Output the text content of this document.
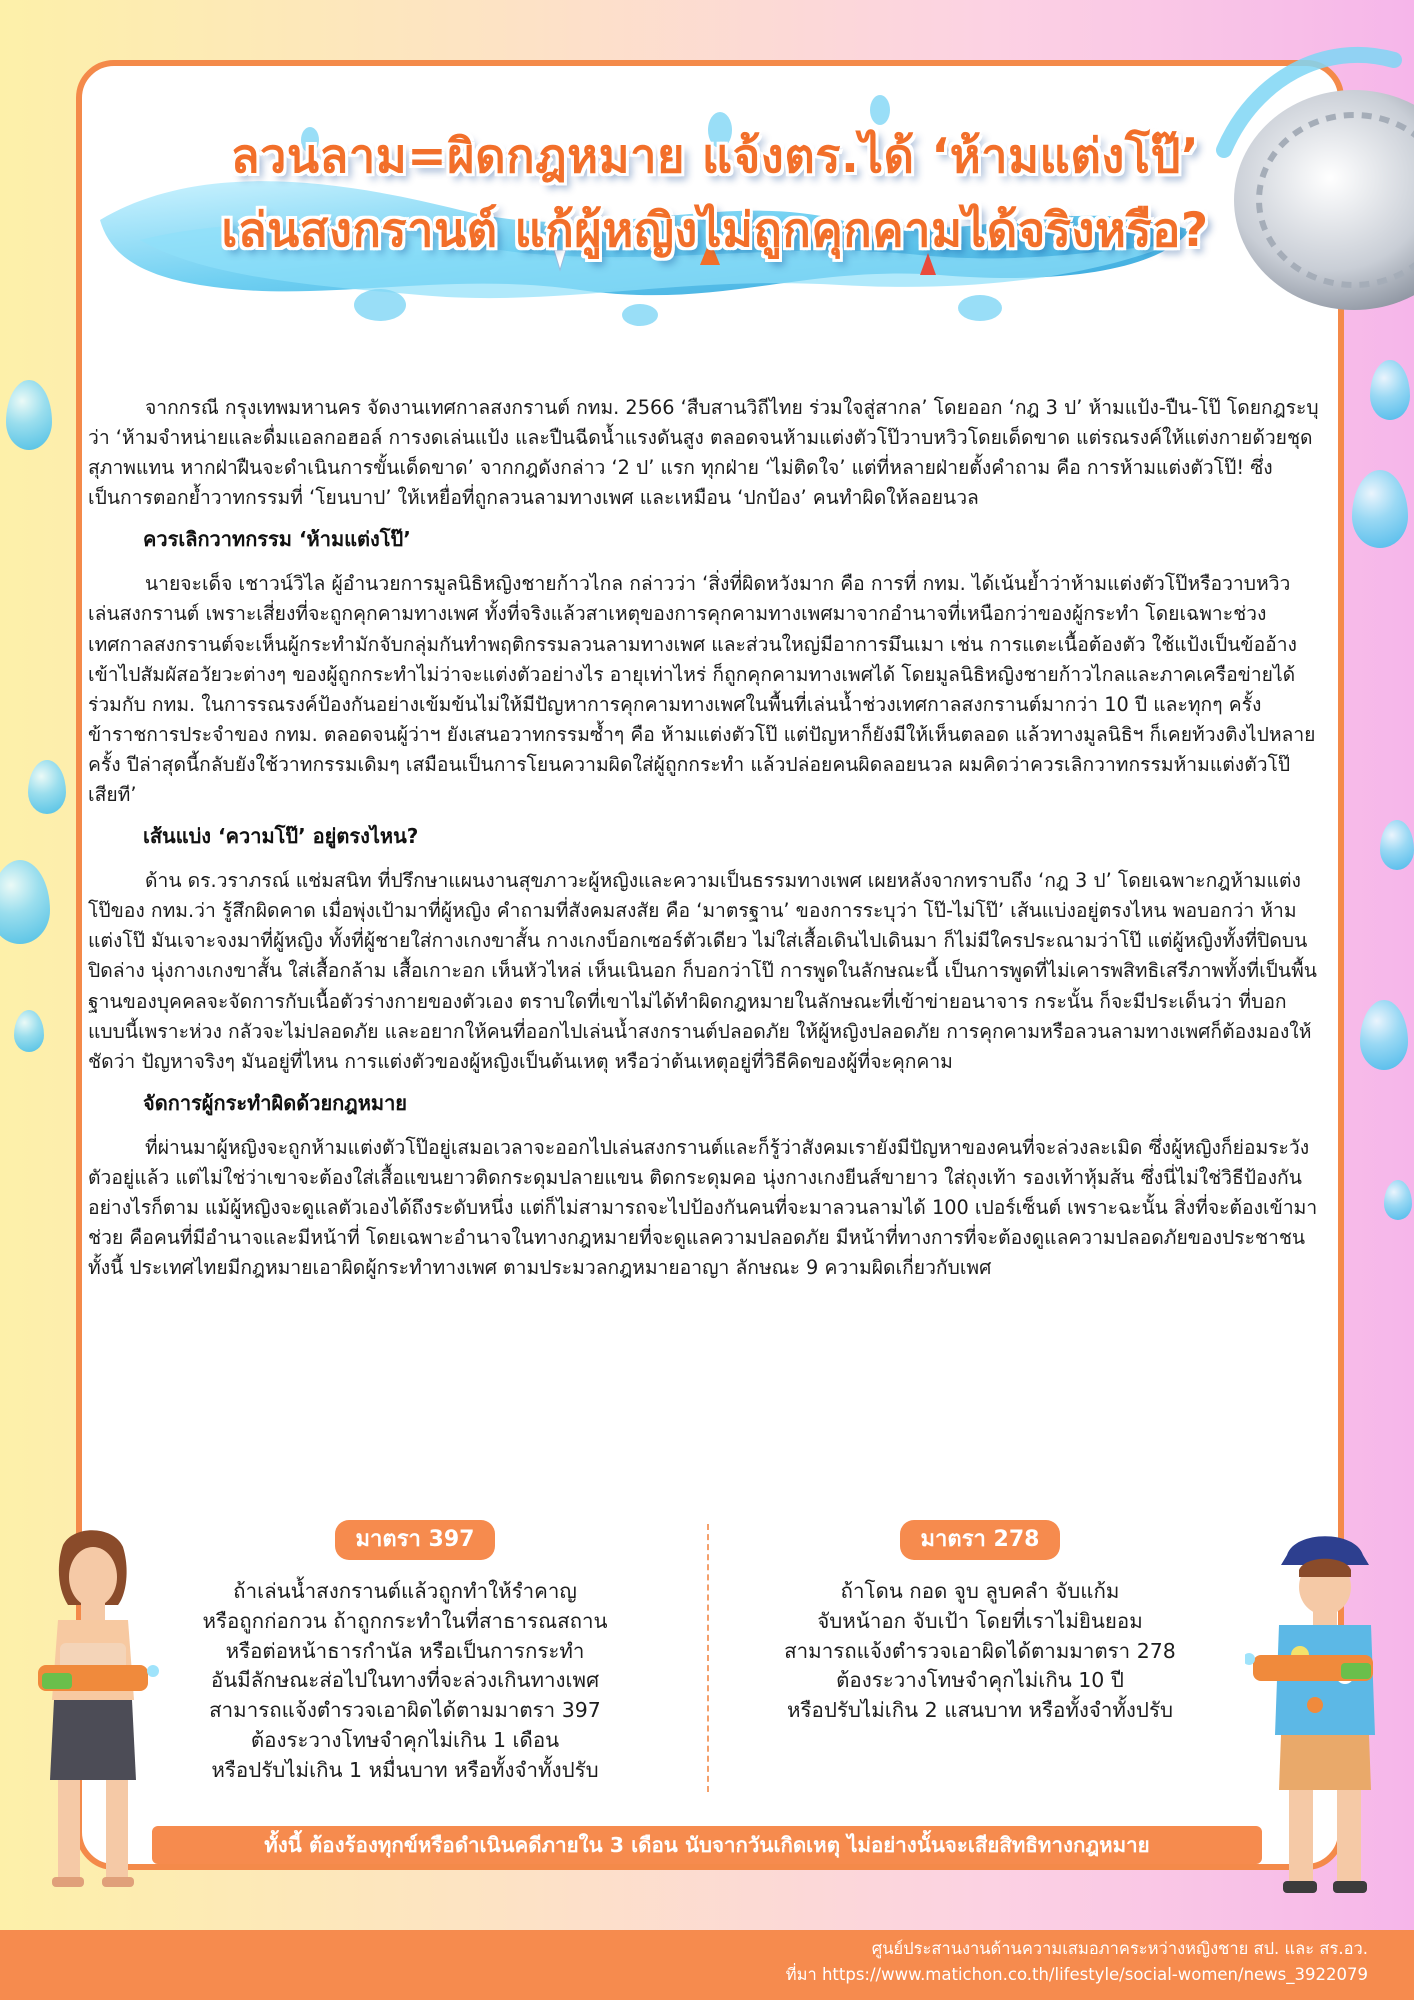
ลวนลาม=ผิดกฎหมาย แจ้งตร.ได้ ‘ห้ามแต่งโป๊’
เล่นสงกรานต์ แก้ผู้หญิงไม่ถูกคุกคามได้จริงหรือ?

จากกรณี กรุงเทพมหานคร จัดงานเทศกาลสงกรานต์ กทม. 2566 ‘สืบสานวิถีไทย ร่วมใจสู่สากล’ โดยออก ‘กฎ 3 ป’ ห้ามแป้ง-ปืน-โป๊ โดยกฎระบุว่า ‘ห้ามจำหน่ายและดื่มแอลกอฮอล์ การงดเล่นแป้ง และปืนฉีดน้ำแรงดันสูง ตลอดจนห้ามแต่งตัวโป๊วาบหวิวโดยเด็ดขาด แต่รณรงค์ให้แต่งกายด้วยชุดสุภาพแทน หากฝ่าฝืนจะดำเนินการขั้นเด็ดขาด’ จากกฎดังกล่าว ‘2 ป’ แรก ทุกฝ่าย ‘ไม่ติดใจ’ แต่ที่หลายฝ่ายตั้งคำถาม คือ การห้ามแต่งตัวโป๊! ซึ่งเป็นการตอกย้ำวาทกรรมที่ ‘โยนบาป’ ให้เหยื่อที่ถูกลวนลามทางเพศ และเหมือน ‘ปกป้อง’ คนทำผิดให้ลอยนวล

ควรเลิกวาทกรรม ‘ห้ามแต่งโป๊’

นายจะเด็จ เชาวน์วิไล ผู้อำนวยการมูลนิธิหญิงชายก้าวไกล กล่าวว่า ‘สิ่งที่ผิดหวังมาก คือ การที่ กทม. ได้เน้นย้ำว่าห้ามแต่งตัวโป๊หรือวาบหวิวเล่นสงกรานต์ เพราะเสี่ยงที่จะถูกคุกคามทางเพศ ทั้งที่จริงแล้วสาเหตุของการคุกคามทางเพศมาจากอำนาจที่เหนือกว่าของผู้กระทำ โดยเฉพาะช่วงเทศกาลสงกรานต์จะเห็นผู้กระทำมักจับกลุ่มกันทำพฤติกรรมลวนลามทางเพศ และส่วนใหญ่มีอาการมึนเมา เช่น การแตะเนื้อต้องตัว ใช้แป้งเป็นข้ออ้างเข้าไปสัมผัสอวัยวะต่างๆ ของผู้ถูกกระทำไม่ว่าจะแต่งตัวอย่างไร อายุเท่าไหร่ ก็ถูกคุกคามทางเพศได้ โดยมูลนิธิหญิงชายก้าวไกลและภาคเครือข่ายได้ร่วมกับ กทม. ในการรณรงค์ป้องกันอย่างเข้มข้นไม่ให้มีปัญหาการคุกคามทางเพศในพื้นที่เล่นน้ำช่วงเทศกาลสงกรานต์มากว่า 10 ปี และทุกๆ ครั้ง ข้าราชการประจำของ กทม. ตลอดจนผู้ว่าฯ ยังเสนอวาทกรรมซ้ำๆ คือ ห้ามแต่งตัวโป๊ แต่ปัญหาก็ยังมีให้เห็นตลอด แล้วทางมูลนิธิฯ ก็เคยท้วงติงไปหลายครั้ง ปีล่าสุดนี้กลับยังใช้วาทกรรมเดิมๆ เสมือนเป็นการโยนความผิดใส่ผู้ถูกกระทำ แล้วปล่อยคนผิดลอยนวล ผมคิดว่าควรเลิกวาทกรรมห้ามแต่งตัวโป๊เสียที’

เส้นแบ่ง ‘ความโป๊’ อยู่ตรงไหน?

ด้าน ดร.วราภรณ์ แช่มสนิท ที่ปรึกษาแผนงานสุขภาวะผู้หญิงและความเป็นธรรมทางเพศ เผยหลังจากทราบถึง ‘กฎ 3 ป’ โดยเฉพาะกฎห้ามแต่งโป๊ของ กทม.ว่า รู้สึกผิดคาด เมื่อพุ่งเป้ามาที่ผู้หญิง คำถามที่สังคมสงสัย คือ ‘มาตรฐาน’ ของการระบุว่า โป๊-ไม่โป๊’ เส้นแบ่งอยู่ตรงไหน พอบอกว่า ห้ามแต่งโป๊ มันเจาะจงมาที่ผู้หญิง ทั้งที่ผู้ชายใส่กางเกงขาสั้น กางเกงบ็อกเซอร์ตัวเดียว ไม่ใส่เสื้อเดินไปเดินมา ก็ไม่มีใครประณามว่าโป๊ แต่ผู้หญิงทั้งที่ปิดบนปิดล่าง นุ่งกางเกงขาสั้น ใส่เสื้อกล้าม เสื้อเกาะอก เห็นหัวไหล่ เห็นเนินอก ก็บอกว่าโป๊ การพูดในลักษณะนี้ เป็นการพูดที่ไม่เคารพสิทธิเสรีภาพทั้งที่เป็นพื้นฐานของบุคคลจะจัดการกับเนื้อตัวร่างกายของตัวเอง ตราบใดที่เขาไม่ได้ทำผิดกฎหมายในลักษณะที่เข้าข่ายอนาจาร กระนั้น ก็จะมีประเด็นว่า ที่บอกแบบนี้เพราะห่วง กลัวจะไม่ปลอดภัย และอยากให้คนที่ออกไปเล่นน้ำสงกรานต์ปลอดภัย ให้ผู้หญิงปลอดภัย การคุกคามหรือลวนลามทางเพศก็ต้องมองให้ชัดว่า ปัญหาจริงๆ มันอยู่ที่ไหน การแต่งตัวของผู้หญิงเป็นต้นเหตุ หรือว่าต้นเหตุอยู่ที่วิธีคิดของผู้ที่จะคุกคาม

จัดการผู้กระทำผิดด้วยกฎหมาย

ที่ผ่านมาผู้หญิงจะถูกห้ามแต่งตัวโป๊อยู่เสมอเวลาจะออกไปเล่นสงกรานต์และก็รู้ว่าสังคมเรายังมีปัญหาของคนที่จะล่วงละเมิด ซึ่งผู้หญิงก็ย่อมระวังตัวอยู่แล้ว แต่ไม่ใช่ว่าเขาจะต้องใส่เสื้อแขนยาวติดกระดุมปลายแขน ติดกระดุมคอ นุ่งกางเกงยีนส์ขายาว ใส่ถุงเท้า รองเท้าหุ้มส้น ซึ่งนี่ไม่ใช่วิธีป้องกัน อย่างไรก็ตาม แม้ผู้หญิงจะดูแลตัวเองได้ถึงระดับหนึ่ง แต่ก็ไม่สามารถจะไปป้องกันคนที่จะมาลวนลามได้ 100 เปอร์เซ็นต์ เพราะฉะนั้น สิ่งที่จะต้องเข้ามาช่วย คือคนที่มีอำนาจและมีหน้าที่ โดยเฉพาะอำนาจในทางกฎหมายที่จะดูแลความปลอดภัย มีหน้าที่ทางการที่จะต้องดูแลความปลอดภัยของประชาชน ทั้งนี้ ประเทศไทยมีกฎหมายเอาผิดผู้กระทำทางเพศ ตามประมวลกฎหมายอาญา ลักษณะ 9 ความผิดเกี่ยวกับเพศ

มาตรา 397
ถ้าเล่นน้ำสงกรานต์แล้วถูกทำให้รำคาญ
หรือถูกก่อกวน ถ้าถูกกระทำในที่สาธารณสถาน
หรือต่อหน้าธารกำนัล หรือเป็นการกระทำ
อันมีลักษณะส่อไปในทางที่จะล่วงเกินทางเพศ
สามารถแจ้งตำรวจเอาผิดได้ตามมาตรา 397
ต้องระวางโทษจำคุกไม่เกิน 1 เดือน
หรือปรับไม่เกิน 1 หมื่นบาท หรือทั้งจำทั้งปรับ
มาตรา 278
ถ้าโดน กอด จูบ ลูบคลำ จับแก้ม
จับหน้าอก จับเป้า โดยที่เราไม่ยินยอม
สามารถแจ้งตำรวจเอาผิดได้ตามมาตรา 278
ต้องระวางโทษจำคุกไม่เกิน 10 ปี
หรือปรับไม่เกิน 2 แสนบาท หรือทั้งจำทั้งปรับ
ทั้งนี้ ต้องร้องทุกข์หรือดำเนินคดีภายใน 3 เดือน นับจากวันเกิดเหตุ ไม่อย่างนั้นจะเสียสิทธิทางกฎหมาย
ศูนย์ประสานงานด้านความเสมอภาคระหว่างหญิงชาย สป. และ สร.อว.
ที่มา https://www.matichon.co.th/lifestyle/social-women/news_3922079
